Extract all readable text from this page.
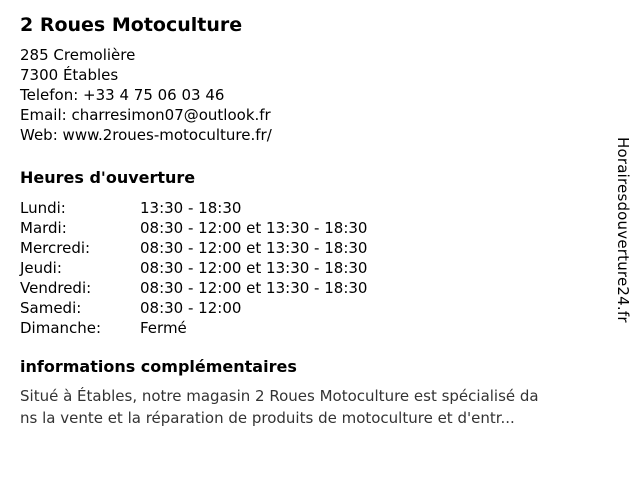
2 Roues Motoculture
285 Cremolière
7300 Étables
Telefon: +33 4 75 06 03 46
Email: charresimon07@outlook.fr
Web: www.2roues-motoculture.fr/
Heures d'ouverture
Lundi:	13:30 - 18:30
Mardi:	08:30 - 12:00 et 13:30 - 18:30
Mercredi:	08:30 - 12:00 et 13:30 - 18:30
Jeudi:	08:30 - 12:00 et 13:30 - 18:30
Vendredi:	08:30 - 12:00 et 13:30 - 18:30
Samedi:	08:30 - 12:00
Dimanche:	Fermé
informations complémentaires
Situé à Étables, notre magasin 2 Roues Motoculture est spécialisé da
ns la vente et la réparation de produits de motoculture et d'entr...
Horairesdouverture24.fr
